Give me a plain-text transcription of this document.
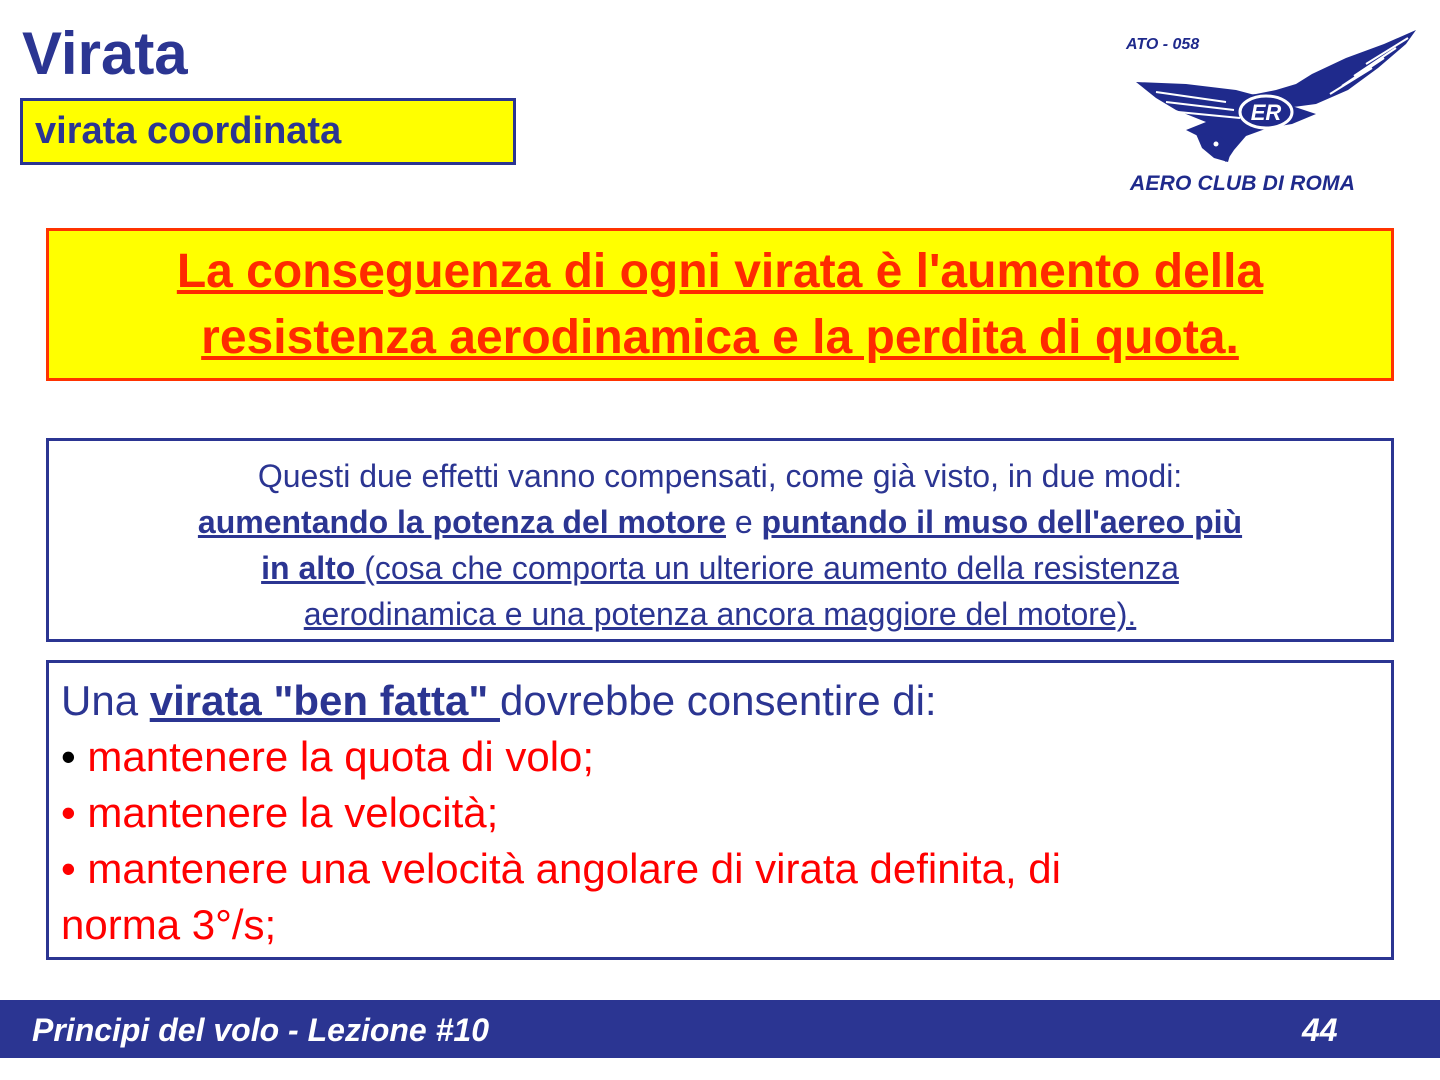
Virata
virata coordinata	ER
ATO - 058
AERO CLUB DI ROMA
La conseguenza di ogni virata è l'aumento della
resistenza aerodinamica e la perdita di quota.
Questi due effetti vanno compensati, come già visto, in due modi:
aumentando la potenza del motore e puntando il muso dell'aereo più
in alto (cosa che comporta un ulteriore aumento della resistenza
aerodinamica e una potenza ancora maggiore del motore).
Una virata "ben fatta" dovrebbe consentire di:
• mantenere la quota di volo;
• mantenere la velocità;
• mantenere una velocità angolare di virata definita, di
norma 3°/s;
Principi del volo - Lezione #10	44
